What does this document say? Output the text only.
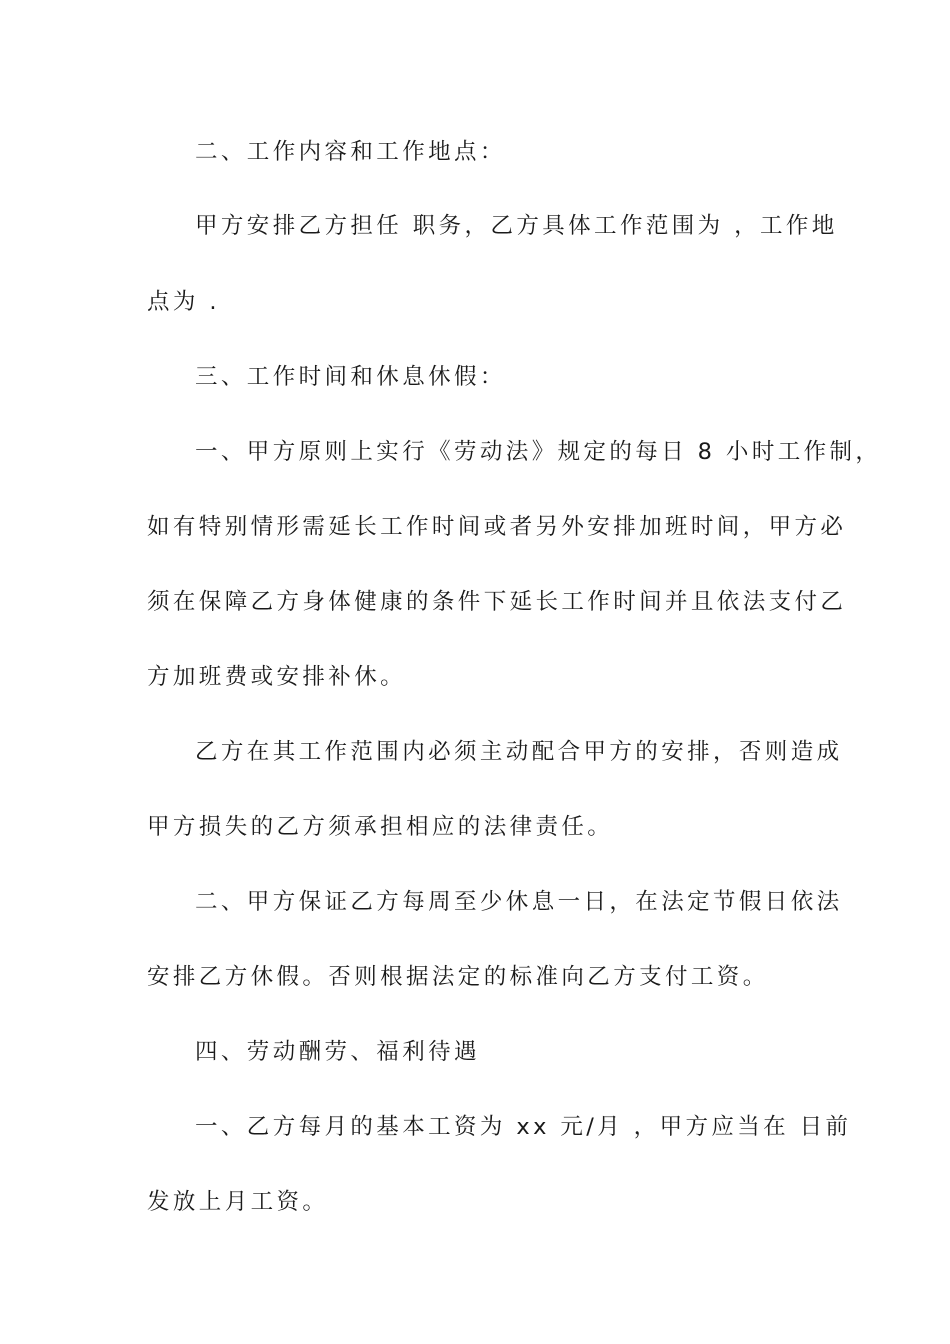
二、工作内容和工作地点：
甲方安排乙方担任 职务，乙方具体工作范围为 ，工作地
点为 .
三、工作时间和休息休假：
一、甲方原则上实行《劳动法》规定的每日 8 小时工作制，
如有特别情形需延长工作时间或者另外安排加班时间，甲方必
须在保障乙方身体健康的条件下延长工作时间并且依法支付乙
方加班费或安排补休。
乙方在其工作范围内必须主动配合甲方的安排，否则造成
甲方损失的乙方须承担相应的法律责任。
二、甲方保证乙方每周至少休息一日，在法定节假日依法
安排乙方休假。否则根据法定的标准向乙方支付工资。
四、劳动酬劳、福利待遇
一、乙方每月的基本工资为 xx 元/月 ，甲方应当在 日前
发放上月工资。
